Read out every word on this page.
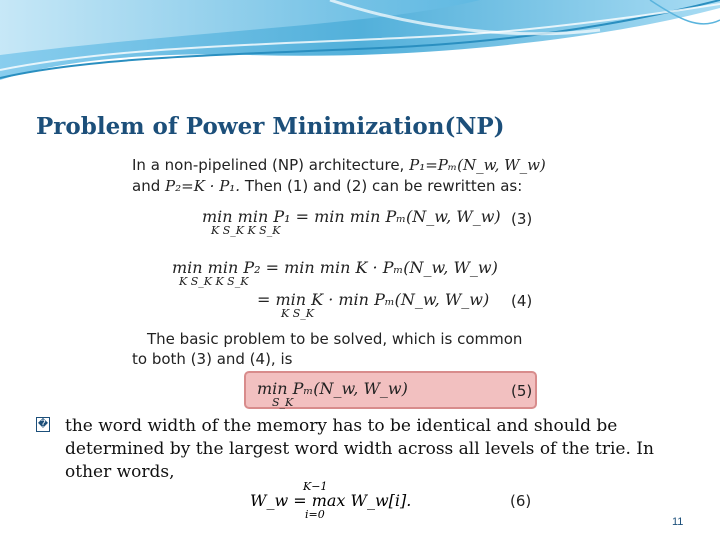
Problem of Power Minimization(NP)
In a non-pipelined (NP) architecture, P₁=Pₘ(N_w, W_w)
and P₂=K · P₁. Then (1) and (2) can be rewritten as:
min min P₁ = min min Pₘ(N_w, W_w)
K S_K K S_K
(3)
min min P₂ = min min K · Pₘ(N_w, W_w)
K S_K K S_K
= min K · min Pₘ(N_w, W_w)
K S_K
(4)
The basic problem to be solved, which is common
to both (3) and (4), is
min Pₘ(N_w, W_w)
S_K
(5)
� the word width of the memory has to be identical and should be determined by the largest word width across all levels of the trie. In other words,
W_w = max W_w[i].
K−1
i=0
(6)
11
